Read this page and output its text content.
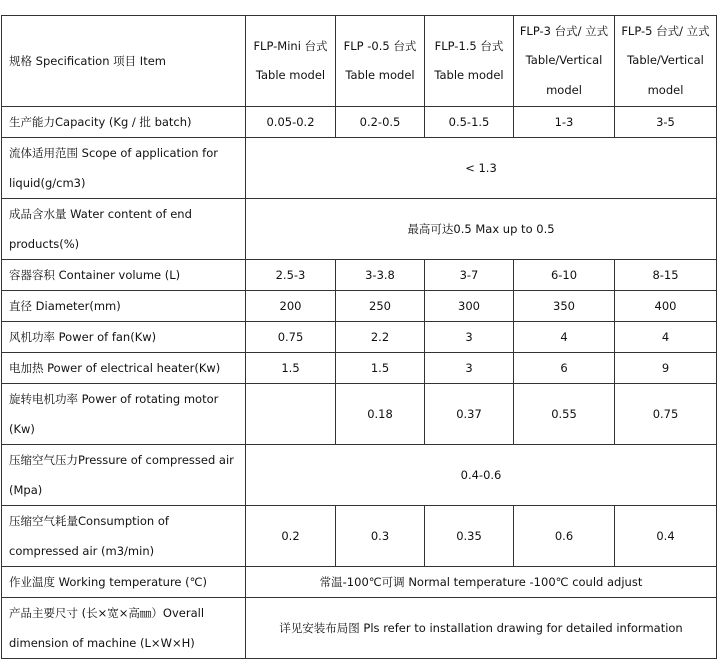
规格 Specification 项目 Item	FLP-Mini 台式Table model	FLP -0.5 台式Table model	FLP-1.5 台式Table model	FLP-3 台式/ 立式Table/Vertical model	FLP-5 台式/ 立式Table/Vertical model
生产能力Capacity (Kg / 批 batch)	0.05-0.2	0.2-0.5	0.5-1.5	1-3	3-5
流体适用范围 Scope of application for liquid(g/cm3)	< 1.3				
成品含水量 Water content of end products(%)	最高可达0.5 Max up to 0.5				
容器容积 Container volume (L)	2.5-3	3-3.8	3-7	6-10	8-15
直径 Diameter(mm)	200	250	300	350	400
风机功率 Power of fan(Kw)	0.75	2.2	3	4	4
电加热 Power of electrical heater(Kw)	1.5	1.5	3	6	9
旋转电机功率 Power of rotating motor (Kw)		0.18	0.37	0.55	0.75
压缩空气压力Pressure of compressed air (Mpa)	0.4-0.6				
压缩空气耗量Consumption of compressed air (m3/min)	0.2	0.3	0.35	0.6	0.4
作业温度 Working temperature (℃)	常温-100℃可调 Normal temperature -100℃ could adjust				
产品主要尺寸 (长×宽×高㎜）Overall dimension of machine (L×W×H)	详见安装布局图 Pls refer to installation drawing for detailed information				
